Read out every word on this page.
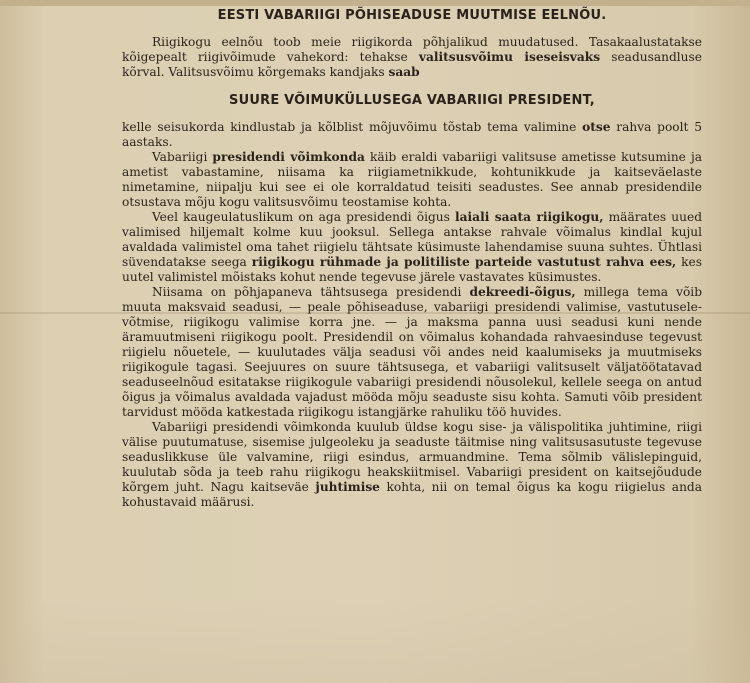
EESTI VABARIIGI PÕHISEADUSE MUUTMISE EELNÕU.

Riigikogu eelnõu toob meie riigikorda põhjalikud muudatused. Tasakaalustatakse kõigepealt riigivõimude vahekord: tehakse valitsusvõimu iseseisvaks seadusandluse kõrval. Valitsusvõimu kõrgemaks kandjaks saab

SUURE VÕIMUKÜLLUSEGA VABARIIGI PRESIDENT,

kelle seisukorda kindlustab ja kõlblist mõjuvõimu tõstab tema valimine otse rahva poolt 5 aastaks.

Vabariigi presidendi võimkonda käib eraldi vabariigi valitsuse ametisse kutsumine ja ametist vabastamine, niisama ka riigiametnikkude, kohtunikkude ja kaitseväelaste nimetamine, niipalju kui see ei ole korraldatud teisiti seadustes. See annab presidendile otsustava mõju kogu valitsusvõimu teostamise kohta.

Veel kaugeulatuslikum on aga presidendi õigus laiali saata riigikogu, määrates uued valimised hiljemalt kolme kuu jooksul. Sellega antakse rahvale võimalus kindlal kujul avaldada valimistel oma tahet riigielu tähtsate küsimuste lahendamise suuna suhtes. Ühtlasi süvendatakse seega riigikogu rühmade ja politiliste parteide vastutust rahva ees, kes uutel valimistel mõistaks kohut nende tegevuse järele vastavates küsimustes.

Niisama on põhjapaneva tähtsusega presidendi dekreedi-õigus, millega tema võib muuta maksvaid seadusi, — peale põhiseaduse, vabariigi presidendi valimise, vastutusele-võtmise, riigikogu valimise korra jne. — ja maksma panna uusi seadusi kuni nende äramuutmiseni riigikogu poolt. Presidendil on võimalus kohandada rahvaesinduse tegevust riigielu nõuetele, — kuulutades välja seadusi või andes neid kaalumiseks ja muutmiseks riigikogule tagasi. Seejuures on suure tähtsusega, et vabariigi valitsuselt väljatöötatavad seaduseelnõud esitatakse riigikogule vabariigi presidendi nõusolekul, kellele seega on antud õigus ja võimalus avaldada vajadust mööda mõju seaduste sisu kohta. Samuti võib president tarvidust mööda katkestada riigikogu istangjärke rahuliku töö huvides.

Vabariigi presidendi võimkonda kuulub üldse kogu sise- ja välispolitika juhtimine, riigi välise puutumatuse, sisemise julgeoleku ja seaduste täitmise ning valitsusasutuste tegevuse seaduslikkuse üle valvamine, riigi esindus, armuandmine. Tema sõlmib välislepinguid, kuulutab sõda ja teeb rahu riigikogu heakskiitmisel. Vabariigi president on kaitsejõudude kõrgem juht. Nagu kaitseväe juhtimise kohta, nii on temal õigus ka kogu riigielus anda kohustavaid määrusi.
